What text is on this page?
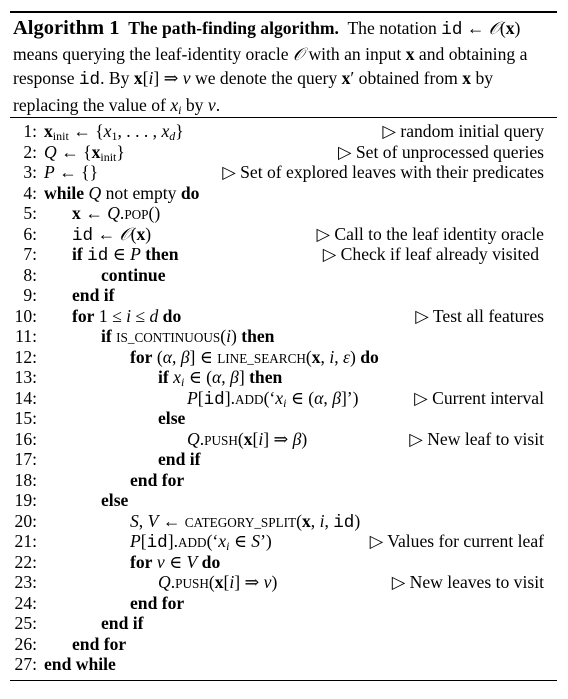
Algorithm 1 The path-finding algorithm. The notation id ← 𝒪(x) means querying the leaf-identity oracle 𝒪 with an input x and obtaining a response id. By x[i] ⇒ v we denote the query x′ obtained from x by replacing the value of $x_i$ by v.
1: $x_{init}$ ← {$x_1$, . . . , $x_d$}	▷ random initial query
2: Q ← $\{x_{init}\}$	▷ Set of unprocessed queries
3: P ← {}	▷ Set of explored leaves with their predicates
4: while Q not empty do
5: x ← Q.POP()
6: id ← 𝒪(x)	▷ Call to the leaf identity oracle
7: if id ∈ P then	▷ Check if leaf already visited
8:	continue
9: end if
10: for 1 ≤ i ≤ d do	▷ Test all features
11:	if IS_CONTINUOUS(i) then
12:	for (α, β] ∈ LINE_SEARCH(x, i, ε) do
13:	if $x_i$ ∈ (α, β] then
14:	$P[id].ADD(‘x_i$ ∈ (α, β]’)	▷ Current interval
15:	else
16:	Q.PUSH(x[i] ⇒ β)	▷ New leaf to visit
17:	end if
18:	end for
19:	else
20:	S, V ← CATEGORY_SPLIT(x, i, id)
21:	$P[id].ADD(‘x_i$ ∈ S’)	▷ Values for current leaf
22:	for v ∈ V do
23:	Q.PUSH(x[i] ⇒ v)	▷ New leaves to visit
24:	end for
25:	end if
26: end for
27: end while
